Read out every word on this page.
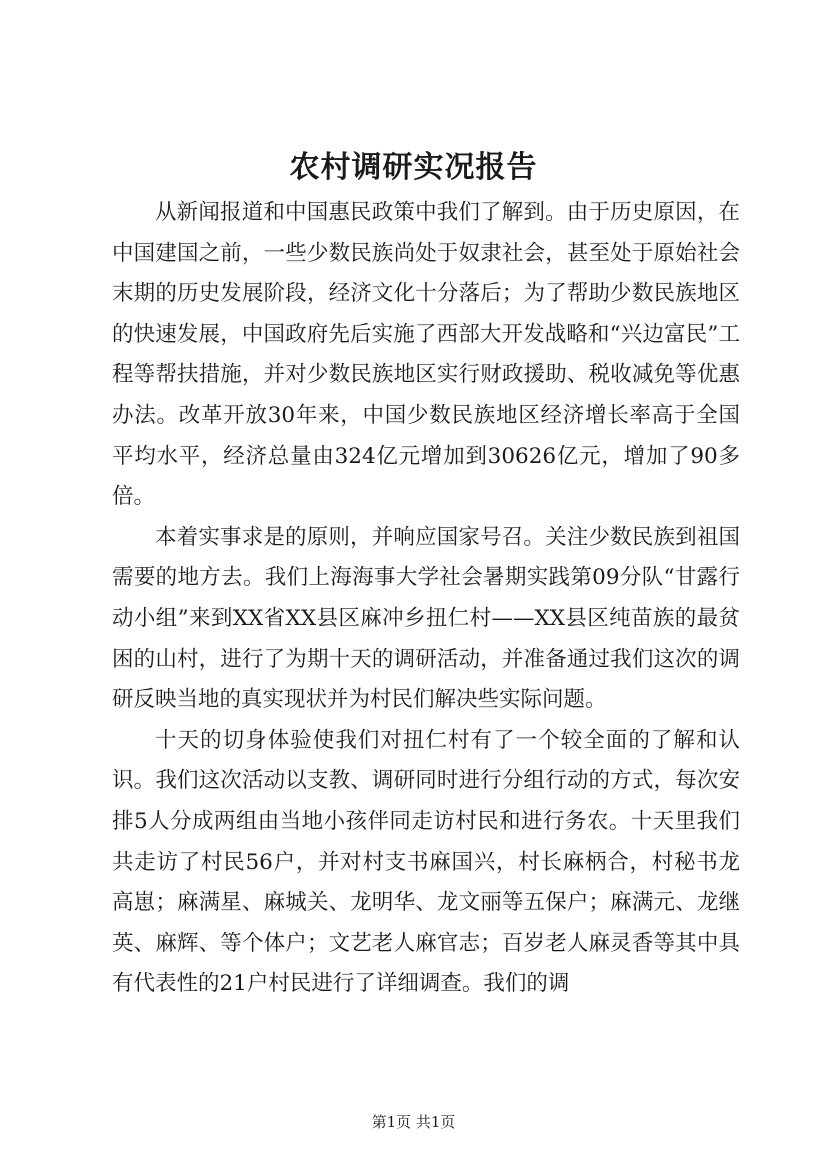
农村调研实况报告

从新闻报道和中国惠民政策中我们了解到。由于历史原因，在中国建国之前，一些少数民族尚处于奴隶社会，甚至处于原始社会末期的历史发展阶段，经济文化十分落后；为了帮助少数民族地区的快速发展，中国政府先后实施了西部大开发战略和“兴边富民”工程等帮扶措施，并对少数民族地区实行财政援助、税收减免等优惠办法。改革开放30年来，中国少数民族地区经济增长率高于全国平均水平，经济总量由324亿元增加到30626亿元，增加了90多倍。

本着实事求是的原则，并响应国家号召。关注少数民族到祖国需要的地方去。我们上海海事大学社会暑期实践第09分队“甘露行动小组”来到XX省XX县区麻冲乡扭仁村——XX县区纯苗族的最贫困的山村，进行了为期十天的调研活动，并准备通过我们这次的调研反映当地的真实现状并为村民们解决些实际问题。

十天的切身体验使我们对扭仁村有了一个较全面的了解和认识。我们这次活动以支教、调研同时进行分组行动的方式，每次安排5人分成两组由当地小孩伴同走访村民和进行务农。十天里我们共走访了村民56户，并对村支书麻国兴，村长麻柄合，村秘书龙高崽；麻满星、麻城关、龙明华、龙文丽等五保户；麻满元、龙继英、麻辉、等个体户；文艺老人麻官志；百岁老人麻灵香等其中具有代表性的21户村民进行了详细调查。我们的调

第1页 共1页
